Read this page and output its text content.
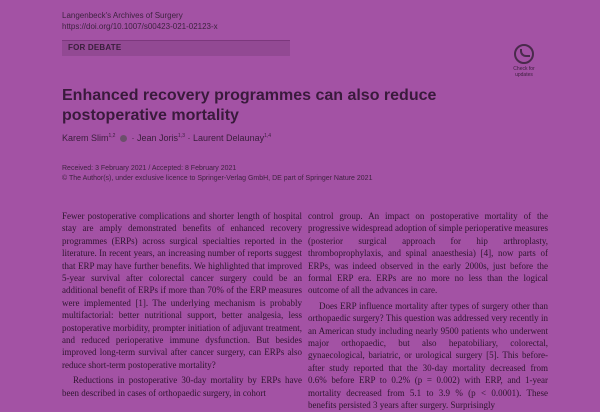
Langenbeck's Archives of Surgery
https://doi.org/10.1007/s00423-021-02123-x
FOR DEBATE
Check for updates
Enhanced recovery programmes can also reduce postoperative mortality
Karem Slim$^{1,2}$ · Jean Joris$^{1,3}$ · Laurent Delaunay$^{1,4}$
Received: 3 February 2021 / Accepted: 8 February 2021
© The Author(s), under exclusive licence to Springer-Verlag GmbH, DE part of Springer Nature 2021

Fewer postoperative complications and shorter length of hospital stay are amply demonstrated benefits of enhanced recovery programmes (ERPs) across surgical specialties reported in the literature. In recent years, an increasing number of reports suggest that ERP may have further benefits. We highlighted that improved 5-year survival after colorectal cancer surgery could be an additional benefit of ERPs if more than 70% of the ERP measures were implemented [1]. The underlying mechanism is probably multifactorial: better nutritional support, better analgesia, less postoperative morbidity, prompter initiation of adjuvant treatment, and reduced perioperative immune dysfunction. But besides improved long-term survival after cancer surgery, can ERPs also reduce short-term postoperative mortality?

Reductions in postoperative 30-day mortality by ERPs have been described in cases of orthopaedic surgery, in cohort

control group. An impact on postoperative mortality of the progressive widespread adoption of simple perioperative measures (posterior surgical approach for hip arthroplasty, thromboprophylaxis, and spinal anaesthesia) [4], now parts of ERPs, was indeed observed in the early 2000s, just before the formal ERP era. ERPs are no more no less than the logical outcome of all the advances in care.

Does ERP influence mortality after types of surgery other than orthopaedic surgery? This question was addressed very recently in an American study including nearly 9500 patients who underwent major orthopaedic, but also hepatobiliary, colorectal, gynaecological, bariatric, or urological surgery [5]. This before-after study reported that the 30-day mortality decreased from 0.6% before ERP to 0.2% (p = 0.002) with ERP, and 1-year mortality decreased from 5.1 to 3.9 % (p < 0.0001). These benefits persisted 3 years after surgery. Surprisingly
